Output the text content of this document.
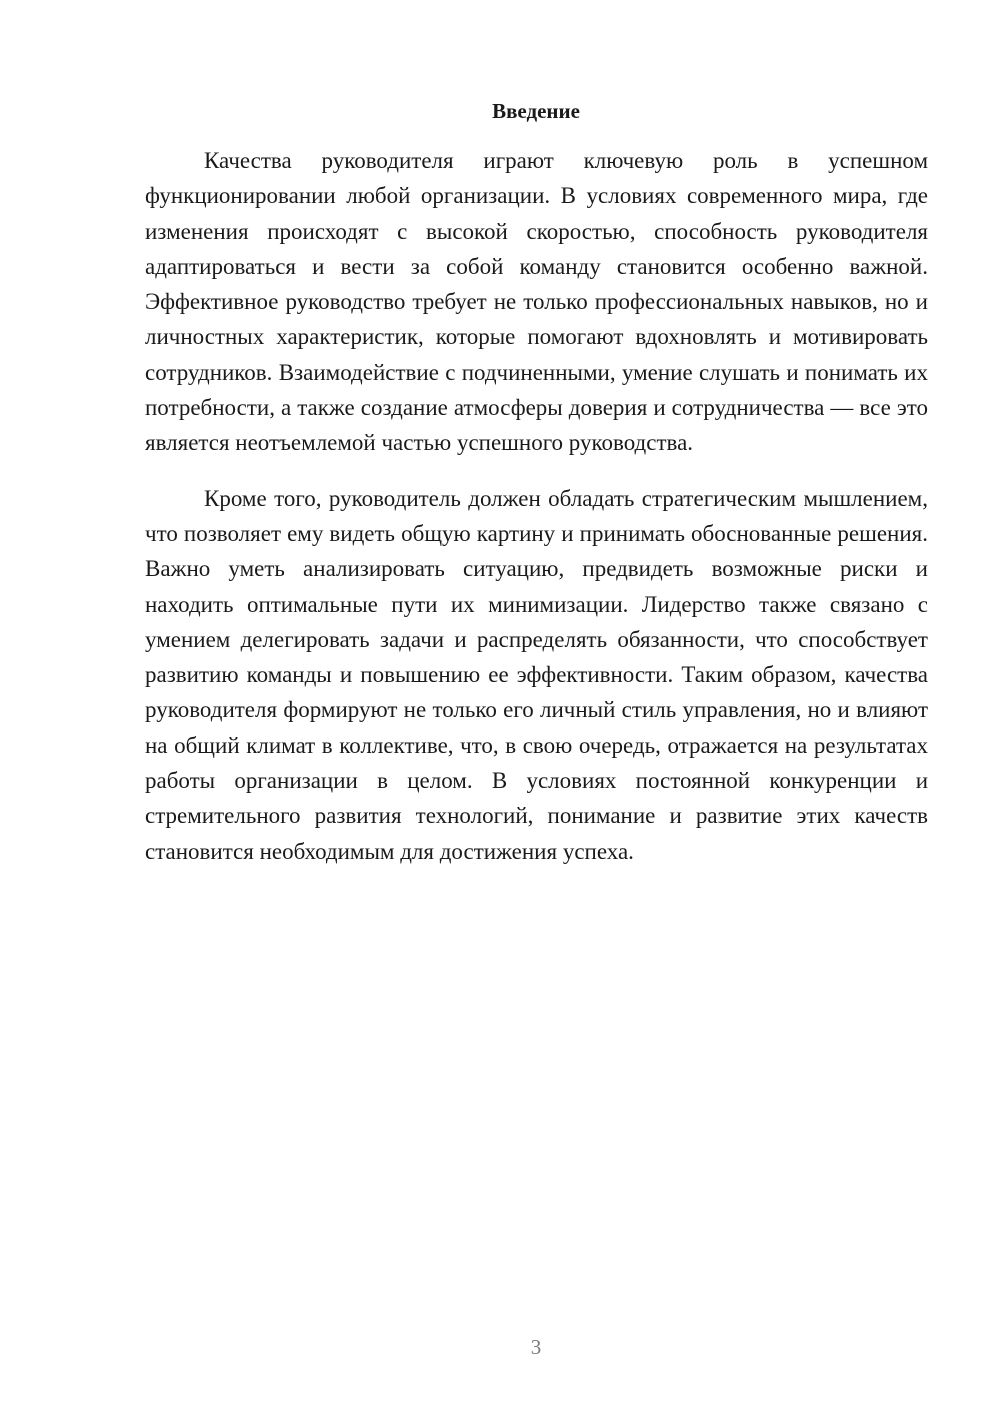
Введение

Качества руководителя играют ключевую роль в успешном функционировании любой организации. В условиях современного мира, где изменения происходят с высокой скоростью, способность руководителя адаптироваться и вести за собой команду становится особенно важной. Эффективное руководство требует не только профессиональных навыков, но и личностных характеристик, которые помогают вдохновлять и мотивировать сотрудников. Взаимодействие с подчиненными, умение слушать и понимать их потребности, а также создание атмосферы доверия и сотрудничества — все это является неотъемлемой частью успешного руководства.

Кроме того, руководитель должен обладать стратегическим мышлением, что позволяет ему видеть общую картину и принимать обоснованные решения. Важно уметь анализировать ситуацию, предвидеть возможные риски и находить оптимальные пути их минимизации. Лидерство также связано с умением делегировать задачи и распределять обязанности, что способствует развитию команды и повышению ее эффективности. Таким образом, качества руководителя формируют не только его личный стиль управления, но и влияют на общий климат в коллективе, что, в свою очередь, отражается на результатах работы организации в целом. В условиях постоянной конкуренции и стремительного развития технологий, понимание и развитие этих качеств становится необходимым для достижения успеха.

3
